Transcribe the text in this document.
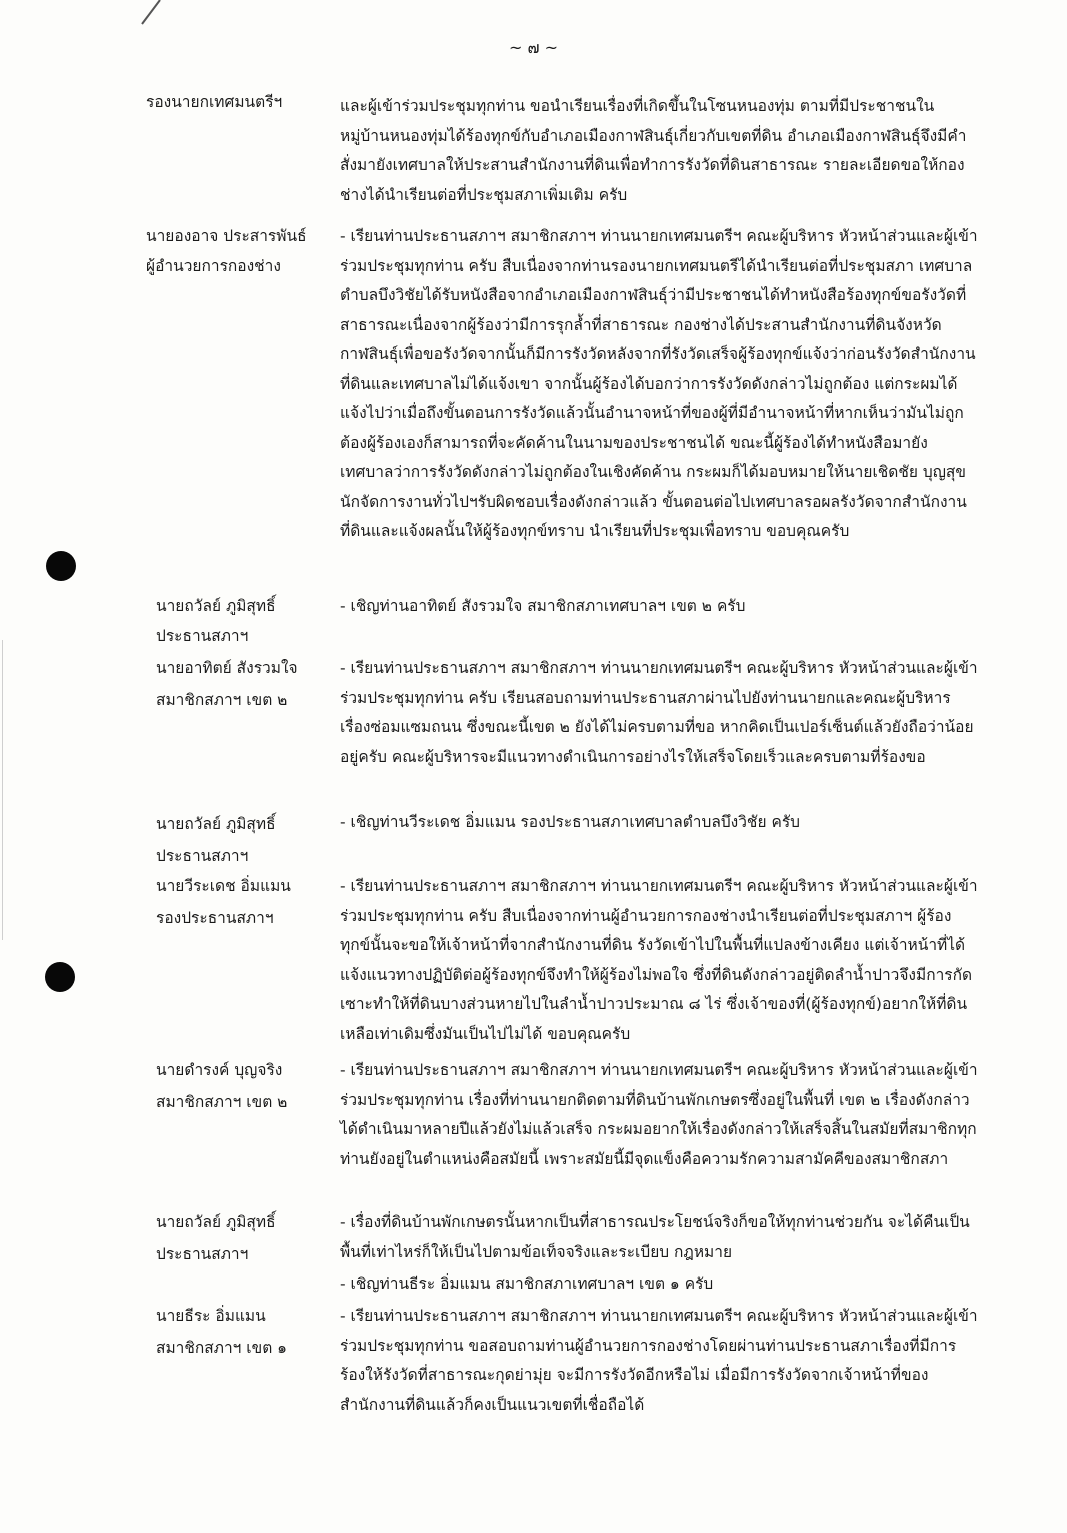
~ ๗ ~
รองนายกเทศมนตรีฯ	และผู้เข้าร่วมประชุมทุกท่าน ขอนำเรียนเรื่องที่เกิดขึ้นในโซนหนองทุ่ม ตามที่มีประชาชนในหมู่บ้านหนองทุ่มได้ร้องทุกข์กับอำเภอเมืองกาฬสินธุ์เกี่ยวกับเขตที่ดิน อำเภอเมืองกาฬสินธุ์จึงมีคำสั่งมายังเทศบาลให้ประสานสำนักงานที่ดินเพื่อทำการรังวัดที่ดินสาธารณะ รายละเอียดขอให้กองช่างได้นำเรียนต่อที่ประชุมสภาเพิ่มเติม ครับ

นายองอาจ ประสารพันธ์
ผู้อำนวยการกองช่าง

- เรียนท่านประธานสภาฯ สมาชิกสภาฯ ท่านนายกเทศมนตรีฯ คณะผู้บริหาร หัวหน้าส่วนและผู้เข้าร่วมประชุมทุกท่าน ครับ สืบเนื่องจากท่านรองนายกเทศมนตรีได้นำเรียนต่อที่ประชุมสภา เทศบาลตำบลบึงวิชัยได้รับหนังสือจากอำเภอเมืองกาฬสินธุ์ว่ามีประชาชนได้ทำหนังสือร้องทุกข์ขอรังวัดที่สาธารณะเนื่องจากผู้ร้องว่ามีการรุกล้ำที่สาธารณะ กองช่างได้ประสานสำนักงานที่ดินจังหวัดกาฬสินธุ์เพื่อขอรังวัดจากนั้นก็มีการรังวัดหลังจากที่รังวัดเสร็จผู้ร้องทุกข์แจ้งว่าก่อนรังวัดสำนักงานที่ดินและเทศบาลไม่ได้แจ้งเขา จากนั้นผู้ร้องได้บอกว่าการรังวัดดังกล่าวไม่ถูกต้อง แต่กระผมได้แจ้งไปว่าเมื่อถึงขั้นตอนการรังวัดแล้วนั้นอำนาจหน้าที่ของผู้ที่มีอำนาจหน้าที่หากเห็นว่ามันไม่ถูกต้องผู้ร้องเองก็สามารถที่จะคัดค้านในนามของประชาชนได้ ขณะนี้ผู้ร้องได้ทำหนังสือมายังเทศบาลว่าการรังวัดดังกล่าวไม่ถูกต้องในเชิงคัดค้าน กระผมก็ได้มอบหมายให้นายเชิดชัย บุญสุข นักจัดการงานทั่วไปฯรับผิดชอบเรื่องดังกล่าวแล้ว ขั้นตอนต่อไปเทศบาลรอผลรังวัดจากสำนักงานที่ดินและแจ้งผลนั้นให้ผู้ร้องทุกข์ทราบ นำเรียนที่ประชุมเพื่อทราบ ขอบคุณครับ

นายถวัลย์ ภูมิสุทธิ์
ประธานสภาฯ

- เชิญท่านอาทิตย์ สังรวมใจ สมาชิกสภาเทศบาลฯ เขต ๒ ครับ

นายอาทิตย์ สังรวมใจ
สมาชิกสภาฯ เขต ๒

- เรียนท่านประธานสภาฯ สมาชิกสภาฯ ท่านนายกเทศมนตรีฯ คณะผู้บริหาร หัวหน้าส่วนและผู้เข้าร่วมประชุมทุกท่าน ครับ เรียนสอบถามท่านประธานสภาผ่านไปยังท่านนายกและคณะผู้บริหาร เรื่องซ่อมแซมถนน ซึ่งขณะนี้เขต ๒ ยังได้ไม่ครบตามที่ขอ หากคิดเป็นเปอร์เซ็นต์แล้วยังถือว่าน้อยอยู่ครับ คณะผู้บริหารจะมีแนวทางดำเนินการอย่างไรให้เสร็จโดยเร็วและครบตามที่ร้องขอ

นายถวัลย์ ภูมิสุทธิ์
ประธานสภาฯ

- เชิญท่านวีระเดช อิ่มแมน รองประธานสภาเทศบาลตำบลบึงวิชัย ครับ

นายวีระเดช อิ่มแมน
รองประธานสภาฯ

- เรียนท่านประธานสภาฯ สมาชิกสภาฯ ท่านนายกเทศมนตรีฯ คณะผู้บริหาร หัวหน้าส่วนและผู้เข้าร่วมประชุมทุกท่าน ครับ สืบเนื่องจากท่านผู้อำนวยการกองช่างนำเรียนต่อที่ประชุมสภาฯ ผู้ร้องทุกข์นั้นจะขอให้เจ้าหน้าที่จากสำนักงานที่ดิน รังวัดเข้าไปในพื้นที่แปลงข้างเคียง แต่เจ้าหน้าที่ได้แจ้งแนวทางปฏิบัติต่อผู้ร้องทุกข์จึงทำให้ผู้ร้องไม่พอใจ ซึ่งที่ดินดังกล่าวอยู่ติดลำน้ำปาวจึงมีการกัดเซาะทำให้ที่ดินบางส่วนหายไปในลำน้ำปาวประมาณ ๘ ไร่ ซึ่งเจ้าของที่(ผู้ร้องทุกข์)อยากให้ที่ดินเหลือเท่าเดิมซึ่งมันเป็นไปไม่ได้ ขอบคุณครับ

นายดำรงค์ บุญจริง
สมาชิกสภาฯ เขต ๒

- เรียนท่านประธานสภาฯ สมาชิกสภาฯ ท่านนายกเทศมนตรีฯ คณะผู้บริหาร หัวหน้าส่วนและผู้เข้าร่วมประชุมทุกท่าน เรื่องที่ท่านนายกติดตามที่ดินบ้านพักเกษตรซึ่งอยู่ในพื้นที่ เขต ๒ เรื่องดังกล่าวได้ดำเนินมาหลายปีแล้วยังไม่แล้วเสร็จ กระผมอยากให้เรื่องดังกล่าวให้เสร็จสิ้นในสมัยที่สมาชิกทุกท่านยังอยู่ในตำแหน่งคือสมัยนี้ เพราะสมัยนี้มีจุดแข็งคือความรักความสามัคคีของสมาชิกสภา

นายถวัลย์ ภูมิสุทธิ์
ประธานสภาฯ

- เรื่องที่ดินบ้านพักเกษตรนั้นหากเป็นที่สาธารณประโยชน์จริงก็ขอให้ทุกท่านช่วยกัน จะได้คืนเป็นพื้นที่เท่าไหร่ก็ให้เป็นไปตามข้อเท็จจริงและระเบียบ กฎหมาย

- เชิญท่านธีระ อิ่มแมน สมาชิกสภาเทศบาลฯ เขต ๑ ครับ

นายธีระ อิ่มแมน
สมาชิกสภาฯ เขต ๑

- เรียนท่านประธานสภาฯ สมาชิกสภาฯ ท่านนายกเทศมนตรีฯ คณะผู้บริหาร หัวหน้าส่วนและผู้เข้าร่วมประชุมทุกท่าน ขอสอบถามท่านผู้อำนวยการกองช่างโดยผ่านท่านประธานสภาเรื่องที่มีการร้องให้รังวัดที่สาธารณะกุดย่ามุ่ย จะมีการรังวัดอีกหรือไม่ เมื่อมีการรังวัดจากเจ้าหน้าที่ของสำนักงานที่ดินแล้วก็คงเป็นแนวเขตที่เชื่อถือได้
